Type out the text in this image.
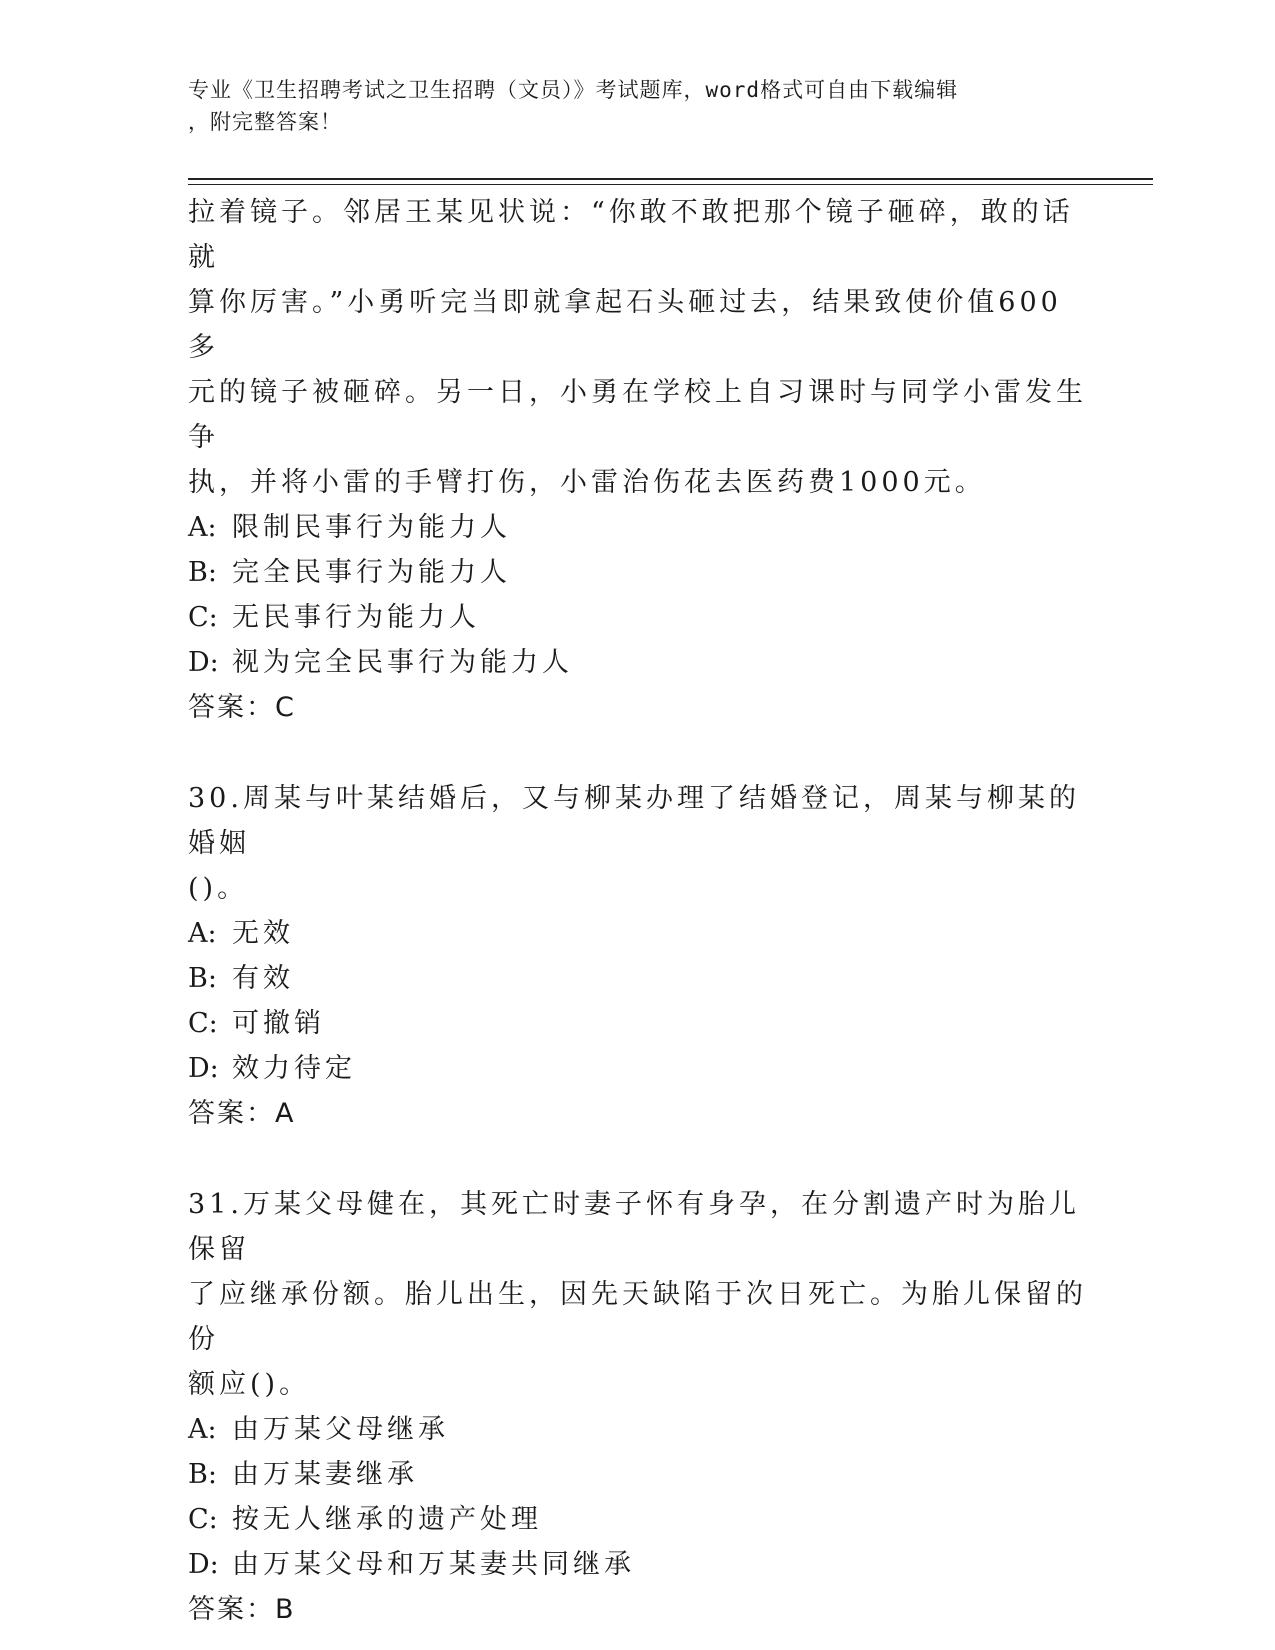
专业《卫生招聘考试之卫生招聘（文员）》考试题库，word格式可自由下载编辑
，附完整答案！

拉着镜子。邻居王某见状说：“你敢不敢把那个镜子砸碎，敢的话就

算你厉害。”小勇听完当即就拿起石头砸过去，结果致使价值600多

元的镜子被砸碎。另一日，小勇在学校上自习课时与同学小雷发生争

执，并将小雷的手臂打伤，小雷治伤花去医药费1000元。

A: 限制民事行为能力人

B: 完全民事行为能力人

C: 无民事行为能力人

D: 视为完全民事行为能力人

答案：C

30.周某与叶某结婚后，又与柳某办理了结婚登记，周某与柳某的婚姻

()。

A: 无效

B: 有效

C: 可撤销

D: 效力待定

答案：A

31.万某父母健在，其死亡时妻子怀有身孕，在分割遗产时为胎儿保留

了应继承份额。胎儿出生，因先天缺陷于次日死亡。为胎儿保留的份

额应()。

A: 由万某父母继承

B: 由万某妻继承

C: 按无人继承的遗产处理

D: 由万某父母和万某妻共同继承

答案：B
